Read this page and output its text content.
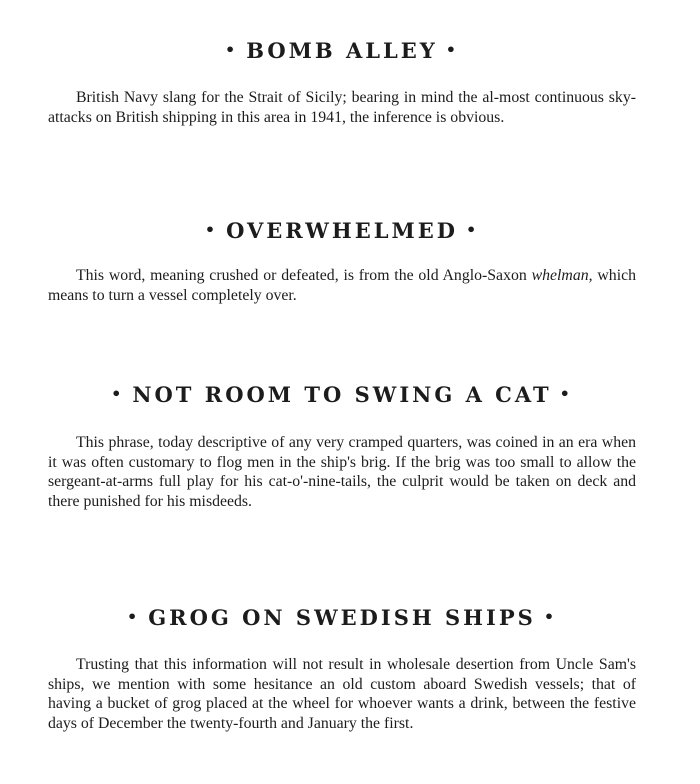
• BOMB ALLEY •

British Navy slang for the Strait of Sicily; bearing in mind the al-most continuous sky-attacks on British shipping in this area in 1941, the inference is obvious.

• OVERWHELMED •

This word, meaning crushed or defeated, is from the old Anglo-Saxon whelman, which means to turn a vessel completely over.

• NOT ROOM TO SWING A CAT •

This phrase, today descriptive of any very cramped quarters, was coined in an era when it was often customary to flog men in the ship's brig. If the brig was too small to allow the sergeant-at-arms full play for his cat-o'-nine-tails, the culprit would be taken on deck and there punished for his misdeeds.

• GROG ON SWEDISH SHIPS •

Trusting that this information will not result in wholesale desertion from Uncle Sam's ships, we mention with some hesitance an old custom aboard Swedish vessels; that of having a bucket of grog placed at the wheel for whoever wants a drink, between the festive days of December the twenty-fourth and January the first.
